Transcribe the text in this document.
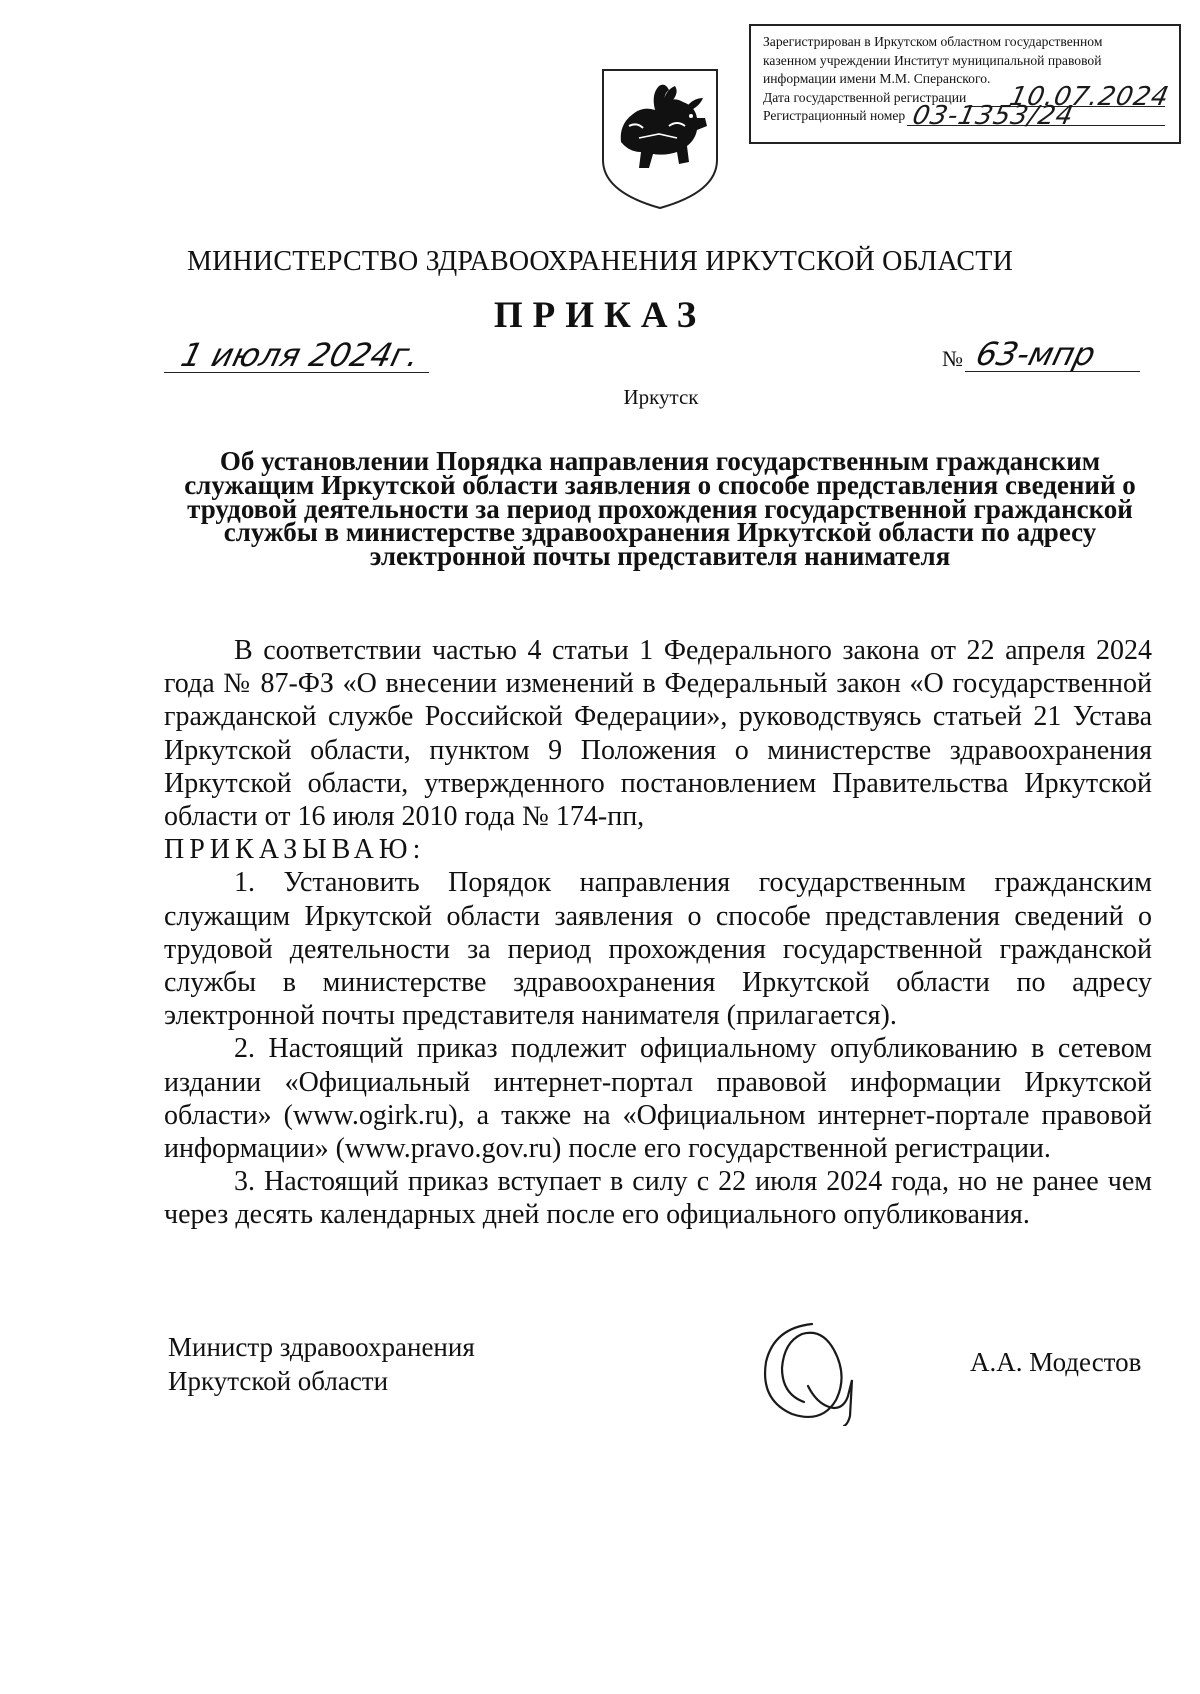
Зарегистрирован в Иркутском областном государственном
казенном учреждении Институт муниципальной правовой
информации имени М.М. Сперанского.
Дата государственной регистрации 10.07.2024
Регистрационный номер 03-1353/24
МИНИСТЕРСТВО ЗДРАВООХРАНЕНИЯ ИРКУТСКОЙ ОБЛАСТИ
ПРИКАЗ
1 июля 2024г.	№ 63-мпр
Иркутск
Об установлении Порядка направления государственным гражданским служащим Иркутской области заявления о способе представления сведений о трудовой деятельности за период прохождения государственной гражданской службы в министерстве здравоохранения Иркутской области по адресу электронной почты представителя нанимателя

В соответствии частью 4 статьи 1 Федерального закона от 22 апреля 2024 года № 87-ФЗ «О внесении изменений в Федеральный закон «О государственной гражданской службе Российской Федерации», руководствуясь статьей 21 Устава Иркутской области, пунктом 9 Положения о министерстве здравоохранения Иркутской области, утвержденного постановлением Правительства Иркутской области от 16 июля 2010 года № 174-пп,

ПРИКАЗЫВАЮ:

1. Установить Порядок направления государственным гражданским служащим Иркутской области заявления о способе представления сведений о трудовой деятельности за период прохождения государственной гражданской службы в министерстве здравоохранения Иркутской области по адресу электронной почты представителя нанимателя (прилагается).

2. Настоящий приказ подлежит официальному опубликованию в сетевом издании «Официальный интернет-портал правовой информации Иркутской области» (www.ogirk.ru), а также на «Официальном интернет-портале правовой информации» (www.pravo.gov.ru) после его государственной регистрации.

3. Настоящий приказ вступает в силу с 22 июля 2024 года, но не ранее чем через десять календарных дней после его официального опубликования.

Министр здравоохранения
Иркутской области
А.А. Модестов
